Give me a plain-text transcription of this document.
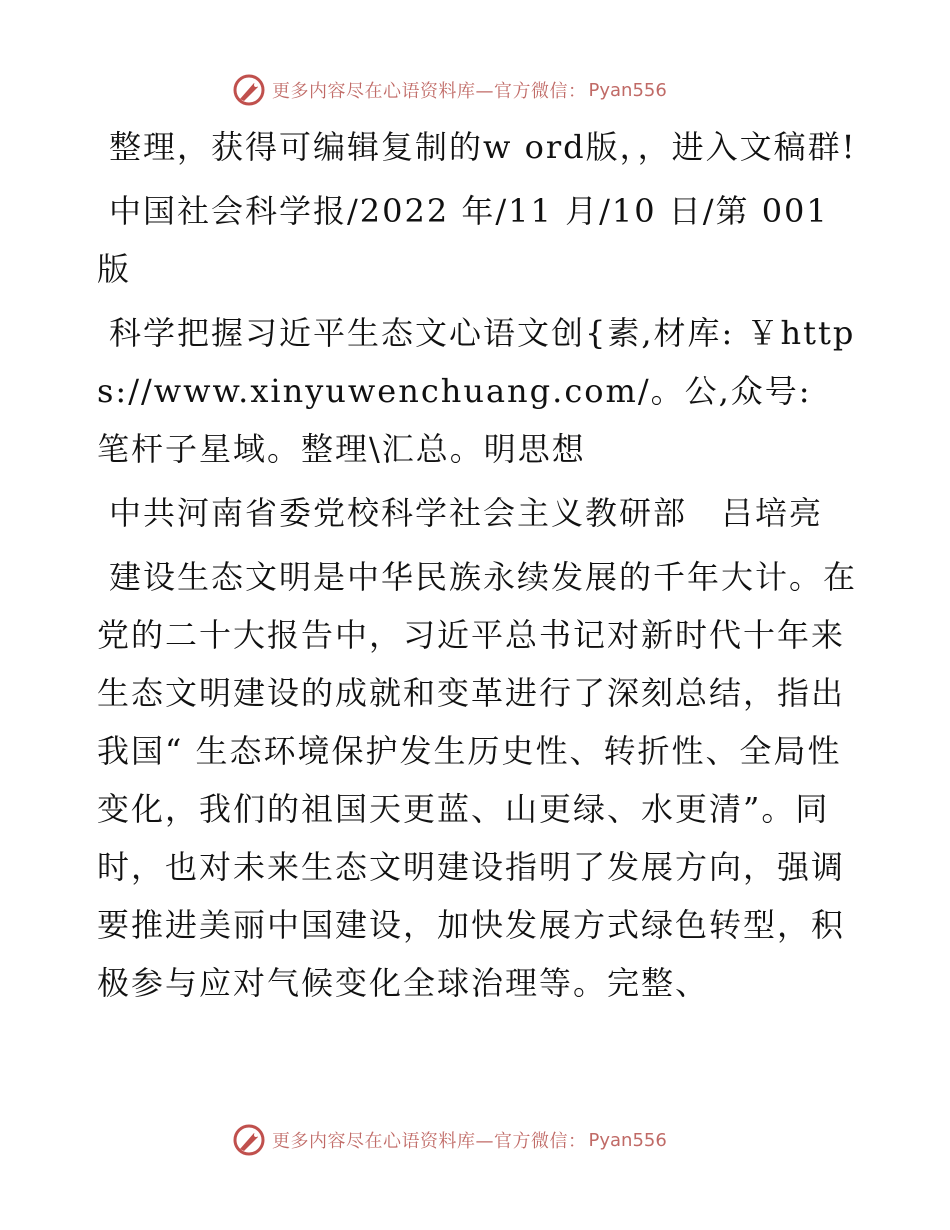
更多内容尽在心语资料库—官方微信： Pyan556

整理，获得可编辑复制的w ord版，，进入文稿群!

中国社会科学报/2022 年/11 月/10 日/第 001 版

科学把握习近平生态文心语文创{素,材库: ￥https://www.xinyuwenchuang.com/。公,众号: 笔杆子星域。整理\汇总。明思想

中共河南省委党校科学社会主义教研部　吕培亮

建设生态文明是中华民族永续发展的千年大计。在党的二十大报告中，习近平总书记对新时代十年来生态文明建设的成就和变革进行了深刻总结，指出我国“ 生态环境保护发生历史性、转折性、全局性变化，我们的祖国天更蓝、山更绿、水更清”。同时，也对未来生态文明建设指明了发展方向，强调要推进美丽中国建设，加快发展方式绿色转型，积极参与应对气候变化全球治理等。完整、

更多内容尽在心语资料库—官方微信： Pyan556
